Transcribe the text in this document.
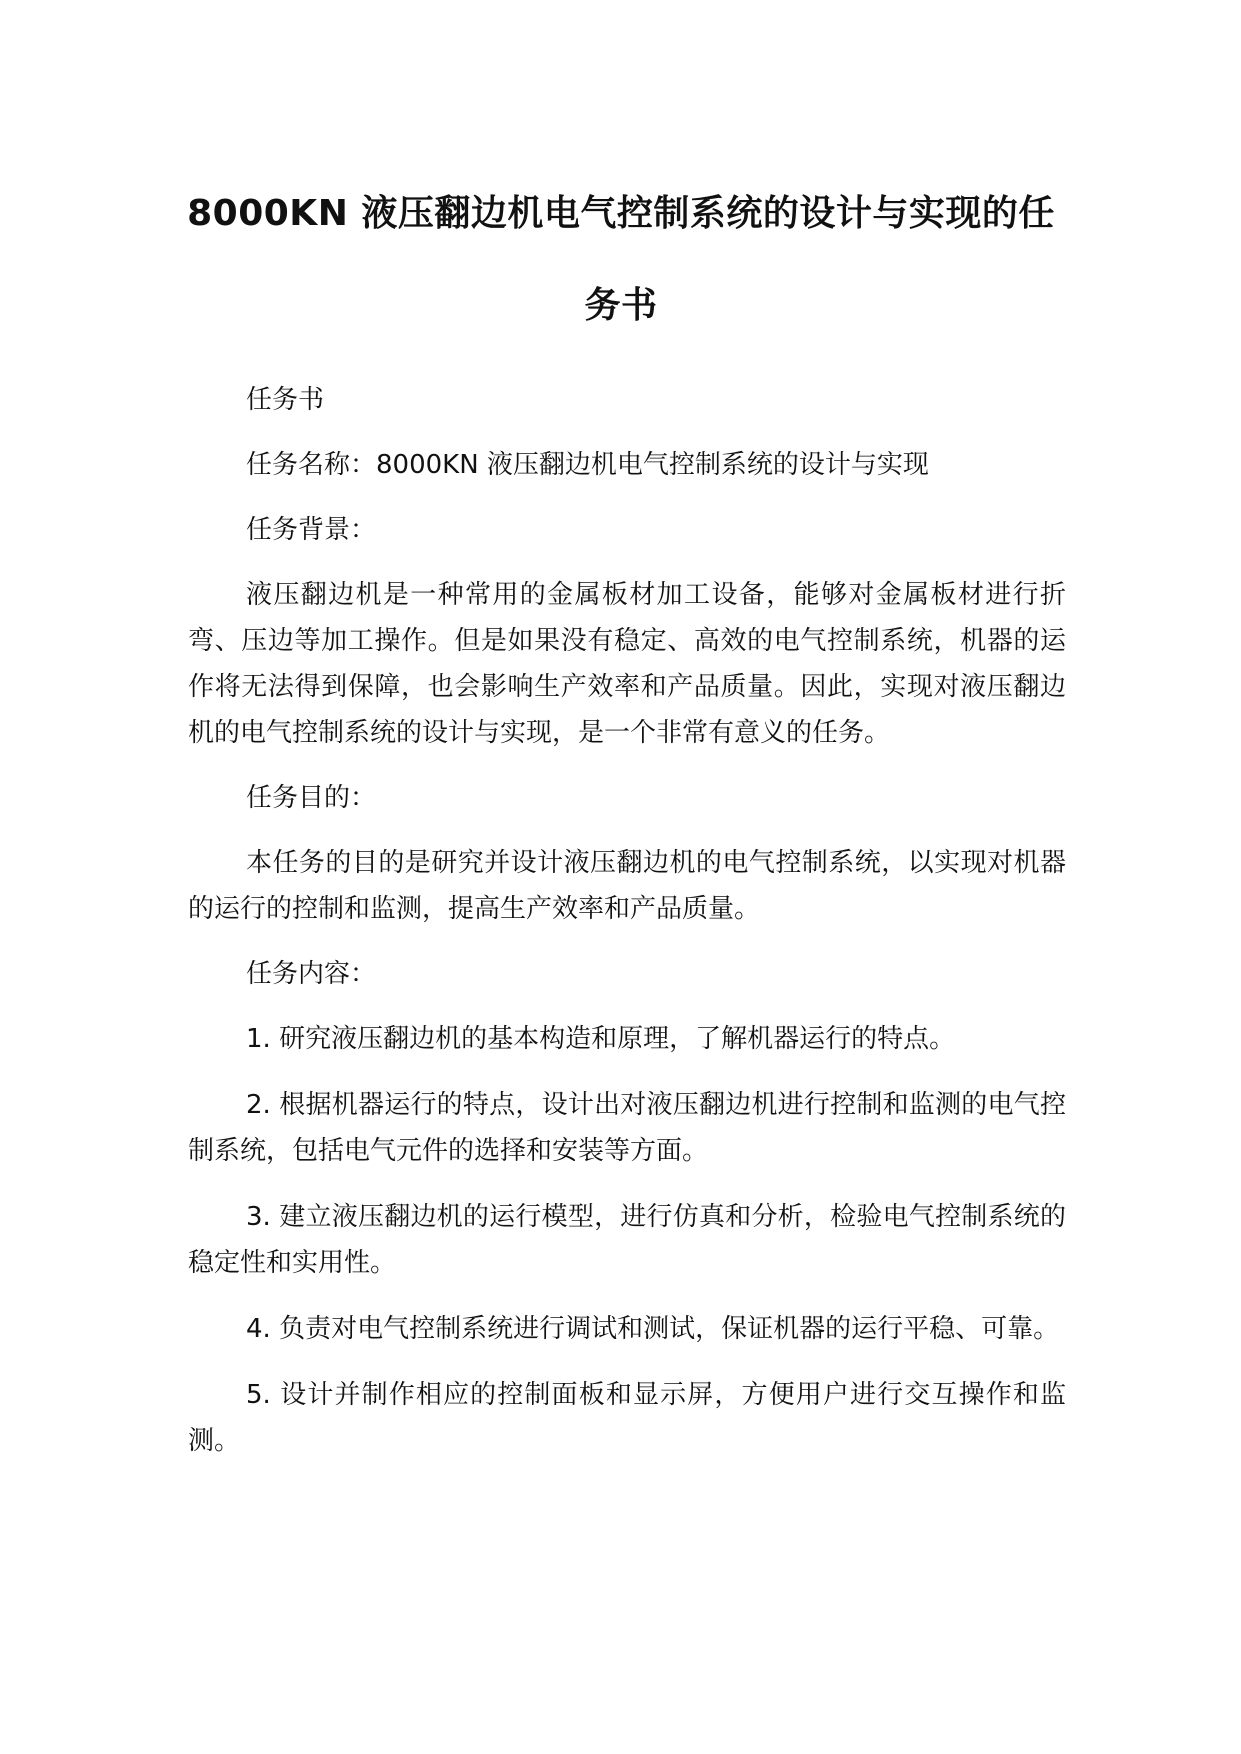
8000KN 液压翻边机电气控制系统的设计与实现的任务书

任务书

任务名称：8000KN 液压翻边机电气控制系统的设计与实现

任务背景：

液压翻边机是一种常用的金属板材加工设备，能够对金属板材进行折弯、压边等加工操作。但是如果没有稳定、高效的电气控制系统，机器的运作将无法得到保障，也会影响生产效率和产品质量。因此，实现对液压翻边机的电气控制系统的设计与实现，是一个非常有意义的任务。

任务目的：

本任务的目的是研究并设计液压翻边机的电气控制系统，以实现对机器的运行的控制和监测，提高生产效率和产品质量。

任务内容：

1. 研究液压翻边机的基本构造和原理，了解机器运行的特点。

2. 根据机器运行的特点，设计出对液压翻边机进行控制和监测的电气控制系统，包括电气元件的选择和安装等方面。

3. 建立液压翻边机的运行模型，进行仿真和分析，检验电气控制系统的稳定性和实用性。

4. 负责对电气控制系统进行调试和测试，保证机器的运行平稳、可靠。

5. 设计并制作相应的控制面板和显示屏，方便用户进行交互操作和监测。
